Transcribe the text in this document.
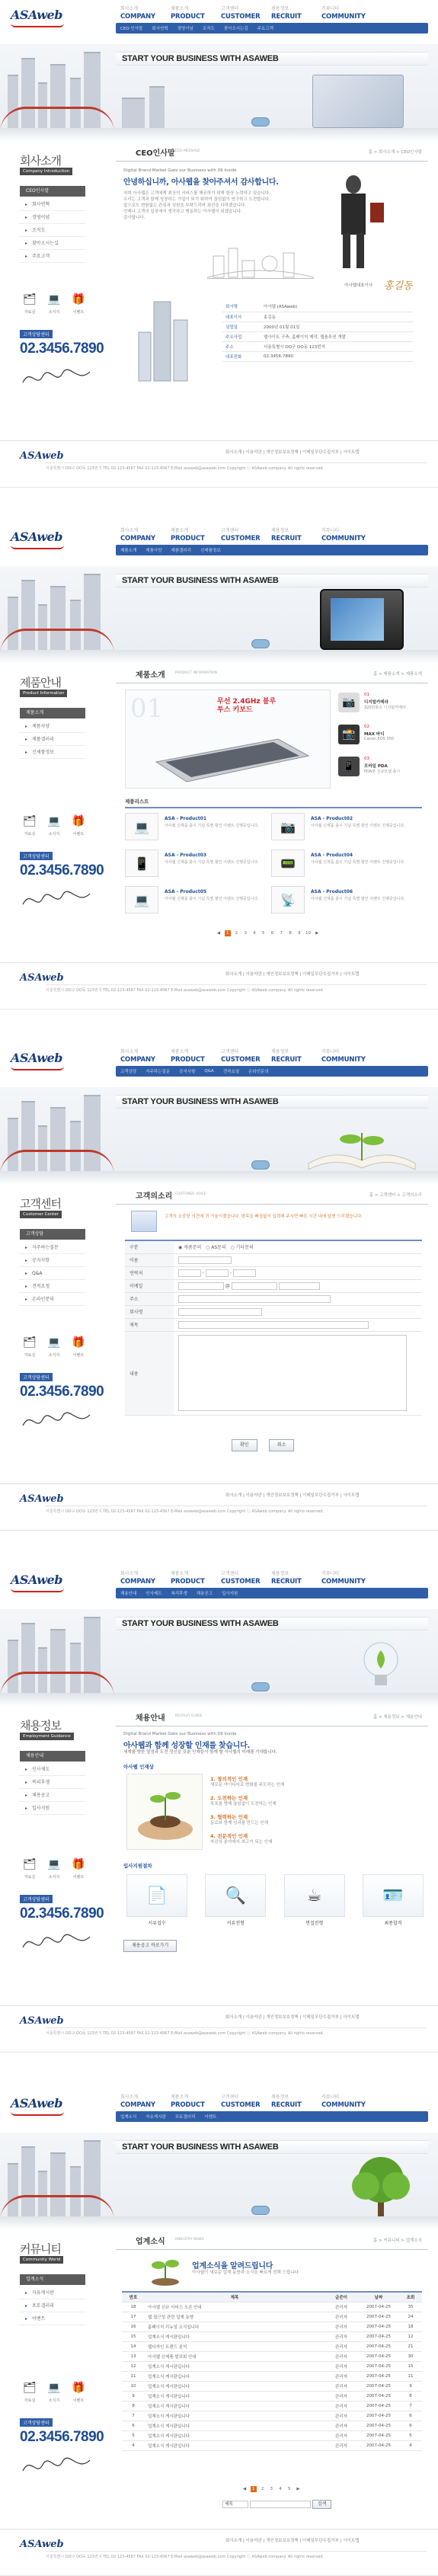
ASAweb	회사소개
COMPANY
제품소개
PRODUCT
고객센터
CUSTOMER
채용정보
RECRUIT
커뮤니티
COMMUNITY
CEO 인사말 회사연혁 경영이념 조직도 찾아오시는길 주요고객
START YOUR BUSINESS WITH ASAWEB
회사소개
Company Introduction
CEO인사말
▸ 회사연혁
▸ 경영이념
▸ 조직도
▸ 찾아오시는길
▸ 주요고객
🗂
자료실
💻
소식지
🎁
이벤트
고객상담센터
02.3456.7890
CEO인사말 CEO MESSAGE	홈 > 회사소개 > CEO인사말
Digital Brand Market Gate our Business with 09 Inside
안녕하십니까, 아사웹을 찾아주셔서 감사합니다.
저희 아사웹은 고객에게 최상의 서비스를 제공하기 위해 항상 노력하고 있습니다.
우리는 고객과 함께 성장하는 기업이 되기 위하여 끊임없이 연구하고 도전합니다.
앞으로도 변함없는 관심과 성원을 부탁드리며 최선을 다하겠습니다.
언제나 고객의 입장에서 생각하고 행동하는 아사웹이 되겠습니다.
감사합니다.
아사웹대표이사 홍길동
회사명	아사웹 (ASAweb)
대표이사	홍길동
설립일	2000년 01월 01일
주요사업	웹사이트 구축, 홈페이지 제작, 웹솔루션 개발
주소	서울특별시 OO구 OO동 123번지
대표전화	02-3456-7890
ASAweb	회사소개 | 이용약관 | 개인정보보호정책 | 이메일무단수집거부 | 사이트맵
서울특별시 OO구 OO동 123번지 TEL 02-123-4567 FAX 02-123-4567 E-Mail asaweb@asaweb.com Copyright ⓒ ASAweb company. All rights reserved.
ASAweb	회사소개
COMPANY
제품소개
PRODUCT
고객센터
CUSTOMER
채용정보
RECRUIT
커뮤니티
COMMUNITY
제품소개 제품사양 제품갤러리 신제품정보
START YOUR BUSINESS WITH ASAWEB
제품안내
Product Information
제품소개
▸ 제품사양
▸ 제품갤러리
▸ 신제품정보
🗂
자료실
💻
소식지
🎁
이벤트
고객상담센터
02.3456.7890
제품소개	PRODUCT INFORMATION	홈 > 제품소개 > 제품소개
01	무선 2.4GHz 블루투스 키보드
📷
01
디지털카메라
320만화소 디지털카메라
📸
02
MAX 바디
Canon EOS 350
📱
03
모바일 PDA
PDA폰 신규모델 출시
제품리스트
💻
ASA - Product01
아사웹 신제품 출시 기념 특별 할인 이벤트 진행중입니다.	📷
ASA - Product02
아사웹 신제품 출시 기념 특별 할인 이벤트 진행중입니다.
📱
ASA - Product03
아사웹 신제품 출시 기념 특별 할인 이벤트 진행중입니다.	📟
ASA - Product04
아사웹 신제품 출시 기념 특별 할인 이벤트 진행중입니다.
💻
ASA - Product05
아사웹 신제품 출시 기념 특별 할인 이벤트 진행중입니다.	📡
ASA - Product06
아사웹 신제품 출시 기념 특별 할인 이벤트 진행중입니다.
◀ 1 2 3 4 5 6 7 8 9 10 ▶
ASAweb	회사소개 | 이용약관 | 개인정보보호정책 | 이메일무단수집거부 | 사이트맵
서울특별시 OO구 OO동 123번지 TEL 02-123-4567 FAX 02-123-4567 E-Mail asaweb@asaweb.com Copyright ⓒ ASAweb company. All rights reserved.
ASAweb	회사소개
COMPANY
제품소개
PRODUCT
고객센터
CUSTOMER
채용정보
RECRUIT
커뮤니티
COMMUNITY
고객상담 자주하는질문 공지사항 Q&A 견적요청 온라인문의
START YOUR BUSINESS WITH ASAWEB
고객센터
Customer Center
고객상담
▸ 자주하는질문
▸ 공지사항
▸ Q&A
▸ 견적요청
▸ 온라인문의
🗂
자료실
💻
소식지
🎁
이벤트
고객상담센터
02.3456.7890
고객의소리 CUSTOMER VOICE	홈 > 고객센터 > 고객의소리
고객의 소중한 의견에 귀 기울이겠습니다. 항목을 빠짐없이 입력해 주시면 빠른 시간 내에 답변 드리겠습니다.
구분	◉ 제품문의 ○ AS문의 ○ 기타문의
이름	
연락처	- -
이메일	@
주소	
회사명	
제목	
내용	
확인	취소
ASAweb	회사소개 | 이용약관 | 개인정보보호정책 | 이메일무단수집거부 | 사이트맵
서울특별시 OO구 OO동 123번지 TEL 02-123-4567 FAX 02-123-4567 E-Mail asaweb@asaweb.com Copyright ⓒ ASAweb company. All rights reserved.
ASAweb	회사소개
COMPANY
제품소개
PRODUCT
고객센터
CUSTOMER
채용정보
RECRUIT
커뮤니티
COMMUNITY
채용안내 인사제도 복리후생 채용공고 입사지원
START YOUR BUSINESS WITH ASAWEB
채용정보
Employment Guidance
채용안내
▸ 인사제도
▸ 복리후생
▸ 채용공고
▸ 입사지원
🗂
자료실
💻
소식지
🎁
이벤트
고객상담센터
02.3456.7890
채용안내	RECRUIT GUIDE	홈 > 채용정보 > 채용안내
Digital Brand Market Gate our Business with 09 Inside
아사웹과 함께 성장할 인재를 찾습니다.
세계를 향한 열정과 도전 정신을 갖춘 인재들이 함께 할 아사웹의 미래를 기대합니다.
아사웹 인재상
1. 창의적인 인재
새로운 아이디어로 변화를 주도하는 인재
2. 도전하는 인재
목표를 향해 끊임없이 도전하는 인재
3. 협력하는 인재
동료와 함께 성과를 만드는 인재
4. 전문적인 인재
자신의 분야에서 최고가 되는 인재
입사지원절차
📄
서류접수
🔍
서류전형
☕
면접전형
🪪
최종합격
채용공고 바로가기
ASAweb	회사소개 | 이용약관 | 개인정보보호정책 | 이메일무단수집거부 | 사이트맵
서울특별시 OO구 OO동 123번지 TEL 02-123-4567 FAX 02-123-4567 E-Mail asaweb@asaweb.com Copyright ⓒ ASAweb company. All rights reserved.
ASAweb	회사소개
COMPANY
제품소개
PRODUCT
고객센터
CUSTOMER
채용정보
RECRUIT
커뮤니티
COMMUNITY
업계소식 자유게시판 포토갤러리 이벤트
START YOUR BUSINESS WITH ASAWEB
커뮤니티
Community World
업계소식
▸ 자유게시판
▸ 포토갤러리
▸ 이벤트
🗂
자료실
💻
소식지
🎁
이벤트
고객상담센터
02.3456.7890
업계소식	INDUSTRY NEWS	홈 > 커뮤니티 > 업계소식
업계소식을 알려드립니다
아사웹이 새로운 업계 동향과 소식을 빠르게 전해 드립니다.
번호	제목	글쓴이	날짜	조회
18	아사웹 신규 서비스 오픈 안내	관리자	2007-04-25	35
17	웹 접근성 관련 업계 동향	관리자	2007-04-25	24
16	홈페이지 리뉴얼 소식입니다	관리자	2007-04-25	18
15	업계소식 게시판입니다	관리자	2007-04-25	12
14	웹디자인 트렌드 분석	관리자	2007-04-25	21
13	아사웹 신제품 발표회 안내	관리자	2007-04-25	30
12	업계소식 게시판입니다	관리자	2007-04-25	15
11	업계소식 게시판입니다	관리자	2007-04-25	11
10	업계소식 게시판입니다	관리자	2007-04-25	9
9	업계소식 게시판입니다	관리자	2007-04-25	8
8	업계소식 게시판입니다	관리자	2007-04-25	7
7	업계소식 게시판입니다	관리자	2007-04-25	6
6	업계소식 게시판입니다	관리자	2007-04-25	6
5	업계소식 게시판입니다	관리자	2007-04-25	5
4	업계소식 게시판입니다	관리자	2007-04-25	4
◀ 1 2 3 4 5 ▶
제목	검색
ASAweb	회사소개 | 이용약관 | 개인정보보호정책 | 이메일무단수집거부 | 사이트맵
서울특별시 OO구 OO동 123번지 TEL 02-123-4567 FAX 02-123-4567 E-Mail asaweb@asaweb.com Copyright ⓒ ASAweb company. All rights reserved.
